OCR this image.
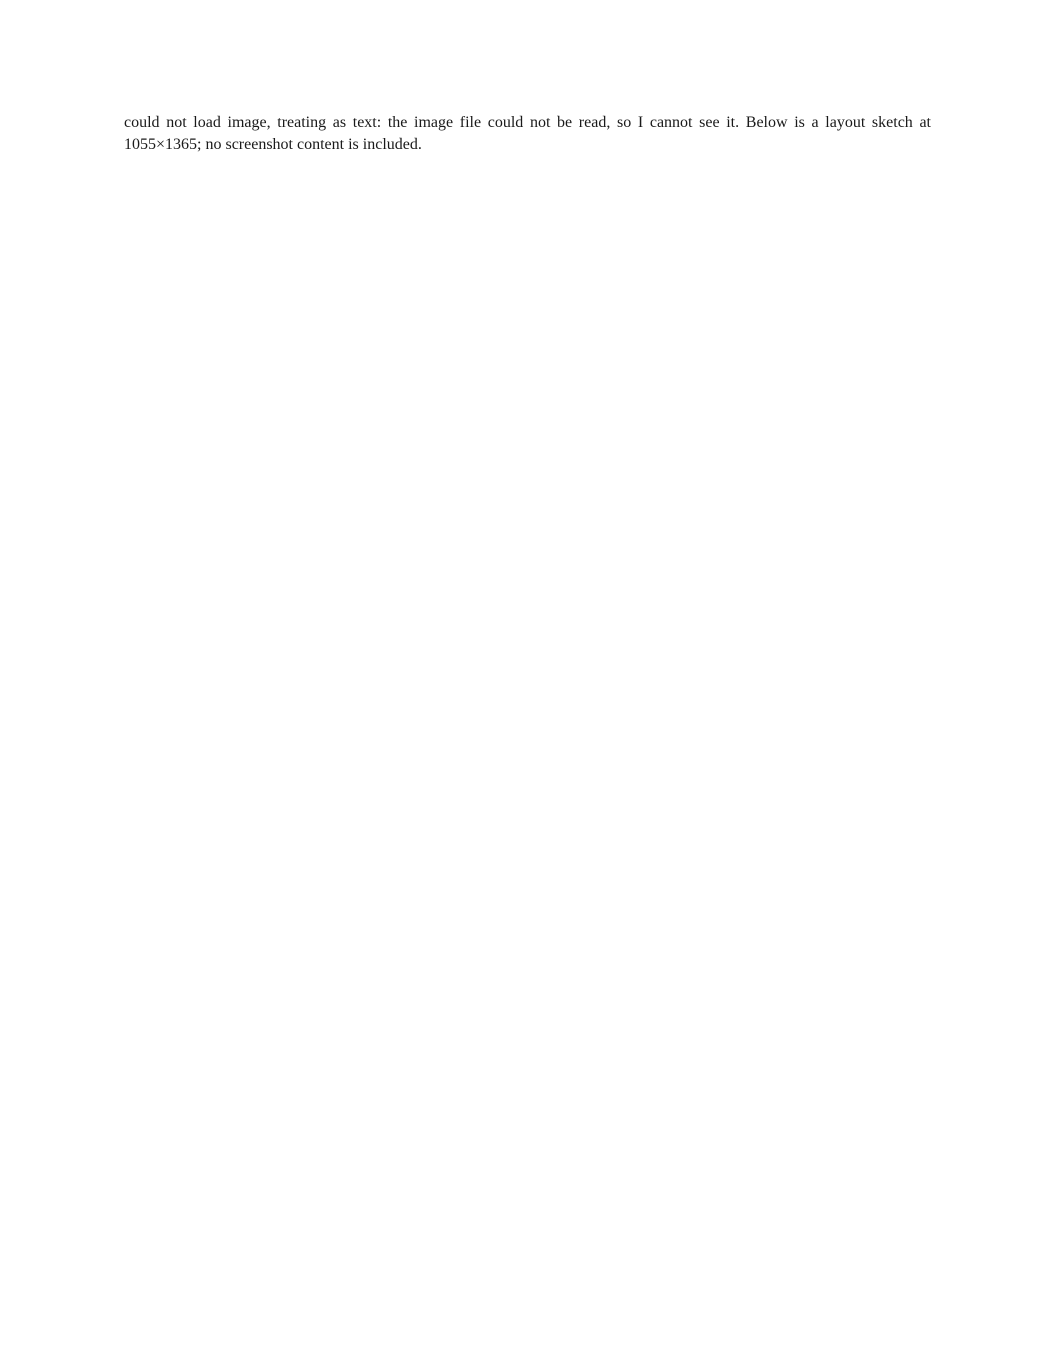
could not load image, treating as text: the image file could not be read, so I cannot see it. Below is a layout sketch at 1055×1365; no screenshot content is included.
